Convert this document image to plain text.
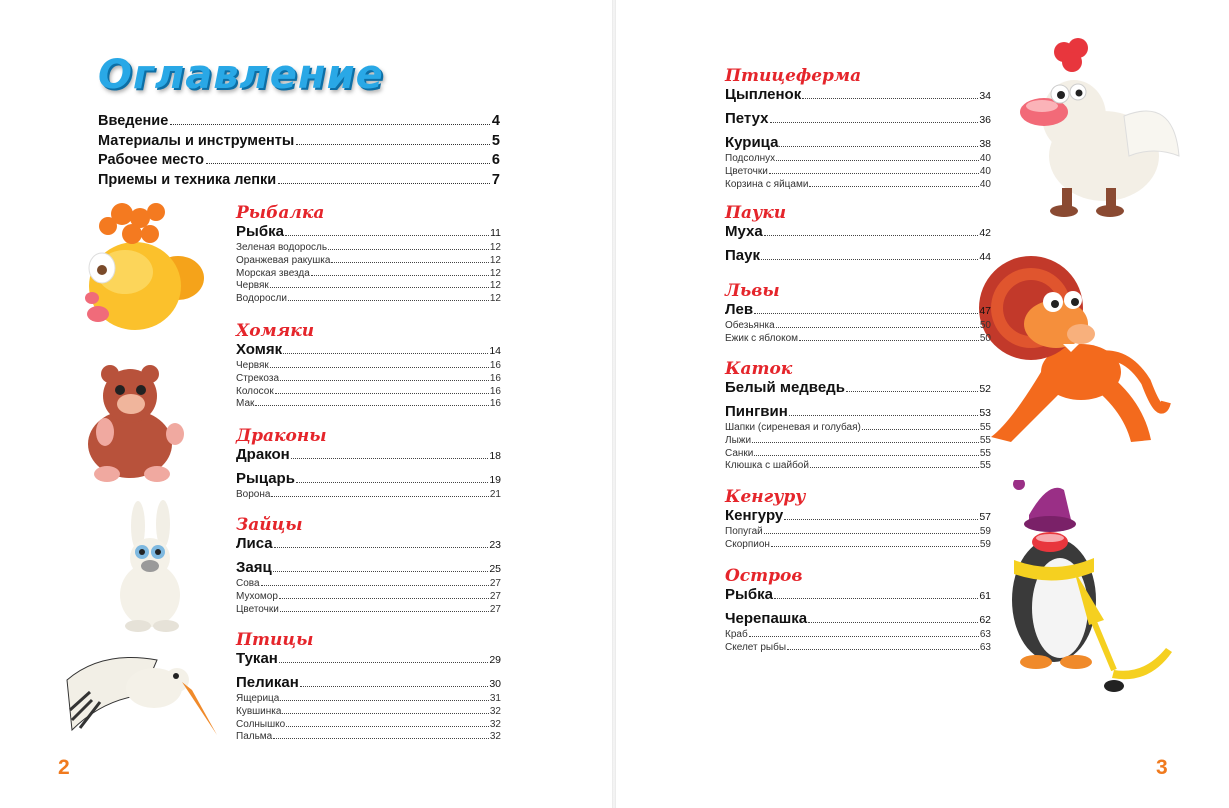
Оглавление
Введение	4
Материалы и инструменты	5
Рабочее место	6
Приемы и техника лепки	7
Рыбалка
Рыбка	11
Зеленая водоросль	12
Оранжевая ракушка	12
Морская звезда	12
Червяк	12
Водоросли	12
Хомяки
Хомяк	14
Червяк	16
Стрекоза	16
Колосок	16
Мак	16
Драконы
Дракон	18
Рыцарь	19
Ворона	21
Зайцы
Лиса	23
Заяц	25
Сова	27
Мухомор	27
Цветочки	27
Птицы
Тукан	29
Пеликан	30
Ящерица	31
Кувшинка	32
Солнышко	32
Пальма	32
2
Птицеферма
Цыпленок	34
Петух	36
Курица	38
Подсолнух	40
Цветочки	40
Корзина с яйцами	40
Пауки
Муха	42
Паук	44
Львы
Лев	47
Обезьянка	50
Ежик с яблоком	50
Каток
Белый медведь	52
Пингвин	53
Шапки (сиреневая и голубая)	55
Лыжи	55
Санки	55
Клюшка с шайбой	55
Кенгуру
Кенгуру	57
Попугай	59
Скорпион	59
Остров
Рыбка	61
Черепашка	62
Краб	63
Скелет рыбы	63
3
